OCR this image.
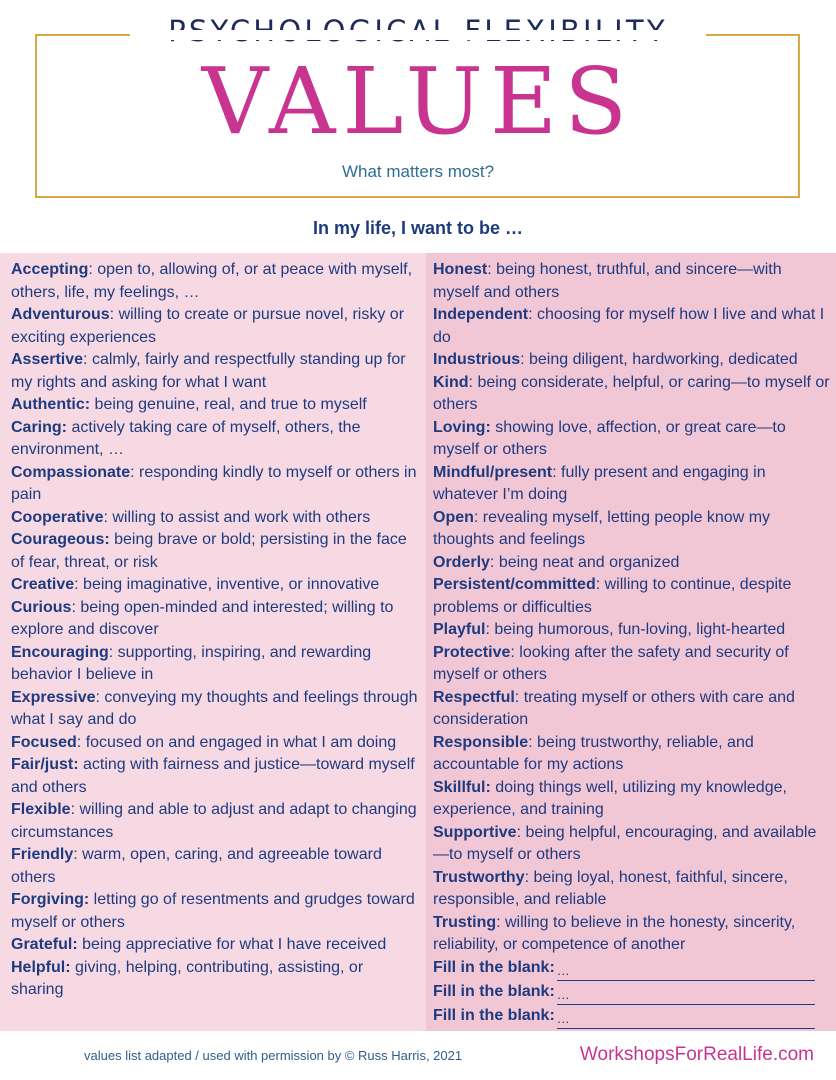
VALUES
What matters most?
In my life, I want to be …

Accepting: open to, allowing of, or at peace with myself, others, life, my feelings, …

Adventurous: willing to create or pursue novel, risky or exciting experiences

Assertive: calmly, fairly and respectfully standing up for my rights and asking for what I want

Authentic: being genuine, real, and true to myself

Caring: actively taking care of myself, others, the environment, …

Compassionate: responding kindly to myself or others in pain

Cooperative: willing to assist and work with others

Courageous: being brave or bold; persisting in the face of fear, threat, or risk

Creative: being imaginative, inventive, or innovative

Curious: being open-minded and interested; willing to explore and discover

Encouraging: supporting, inspiring, and rewarding behavior I believe in

Expressive: conveying my thoughts and feelings through what I say and do

Focused: focused on and engaged in what I am doing

Fair/just: acting with fairness and justice—toward myself and others

Flexible: willing and able to adjust and adapt to changing circumstances

Friendly: warm, open, caring, and agreeable toward others

Forgiving: letting go of resentments and grudges toward myself or others

Grateful: being appreciative for what I have received

Helpful: giving, helping, contributing, assisting, or sharing

Honest: being honest, truthful, and sincere—with myself and others

Independent: choosing for myself how I live and what I do

Industrious: being diligent, hardworking, dedicated

Kind: being considerate, helpful, or caring—to myself or others

Loving: showing love, affection, or great care—to myself or others

Mindful/present: fully present and engaging in whatever I’m doing

Open: revealing myself, letting people know my thoughts and feelings

Orderly: being neat and organized

Persistent/committed: willing to continue, despite problems or difficulties

Playful: being humorous, fun-loving, light-hearted

Protective: looking after the safety and security of myself or others

Respectful: treating myself or others with care and consideration

Responsible: being trustworthy, reliable, and accountable for my actions

Skillful: doing things well, utilizing my knowledge, experience, and training

Supportive: being helpful, encouraging, and available—to myself or others

Trustworthy: being loyal, honest, faithful, sincere, responsible, and reliable

Trusting: willing to believe in the honesty, sincerity, reliability, or competence of another

Fill in the blank: …

Fill in the blank: …

Fill in the blank: …

values list adapted / used with permission by © Russ Harris, 2021	WorkshopsForRealLife.com
